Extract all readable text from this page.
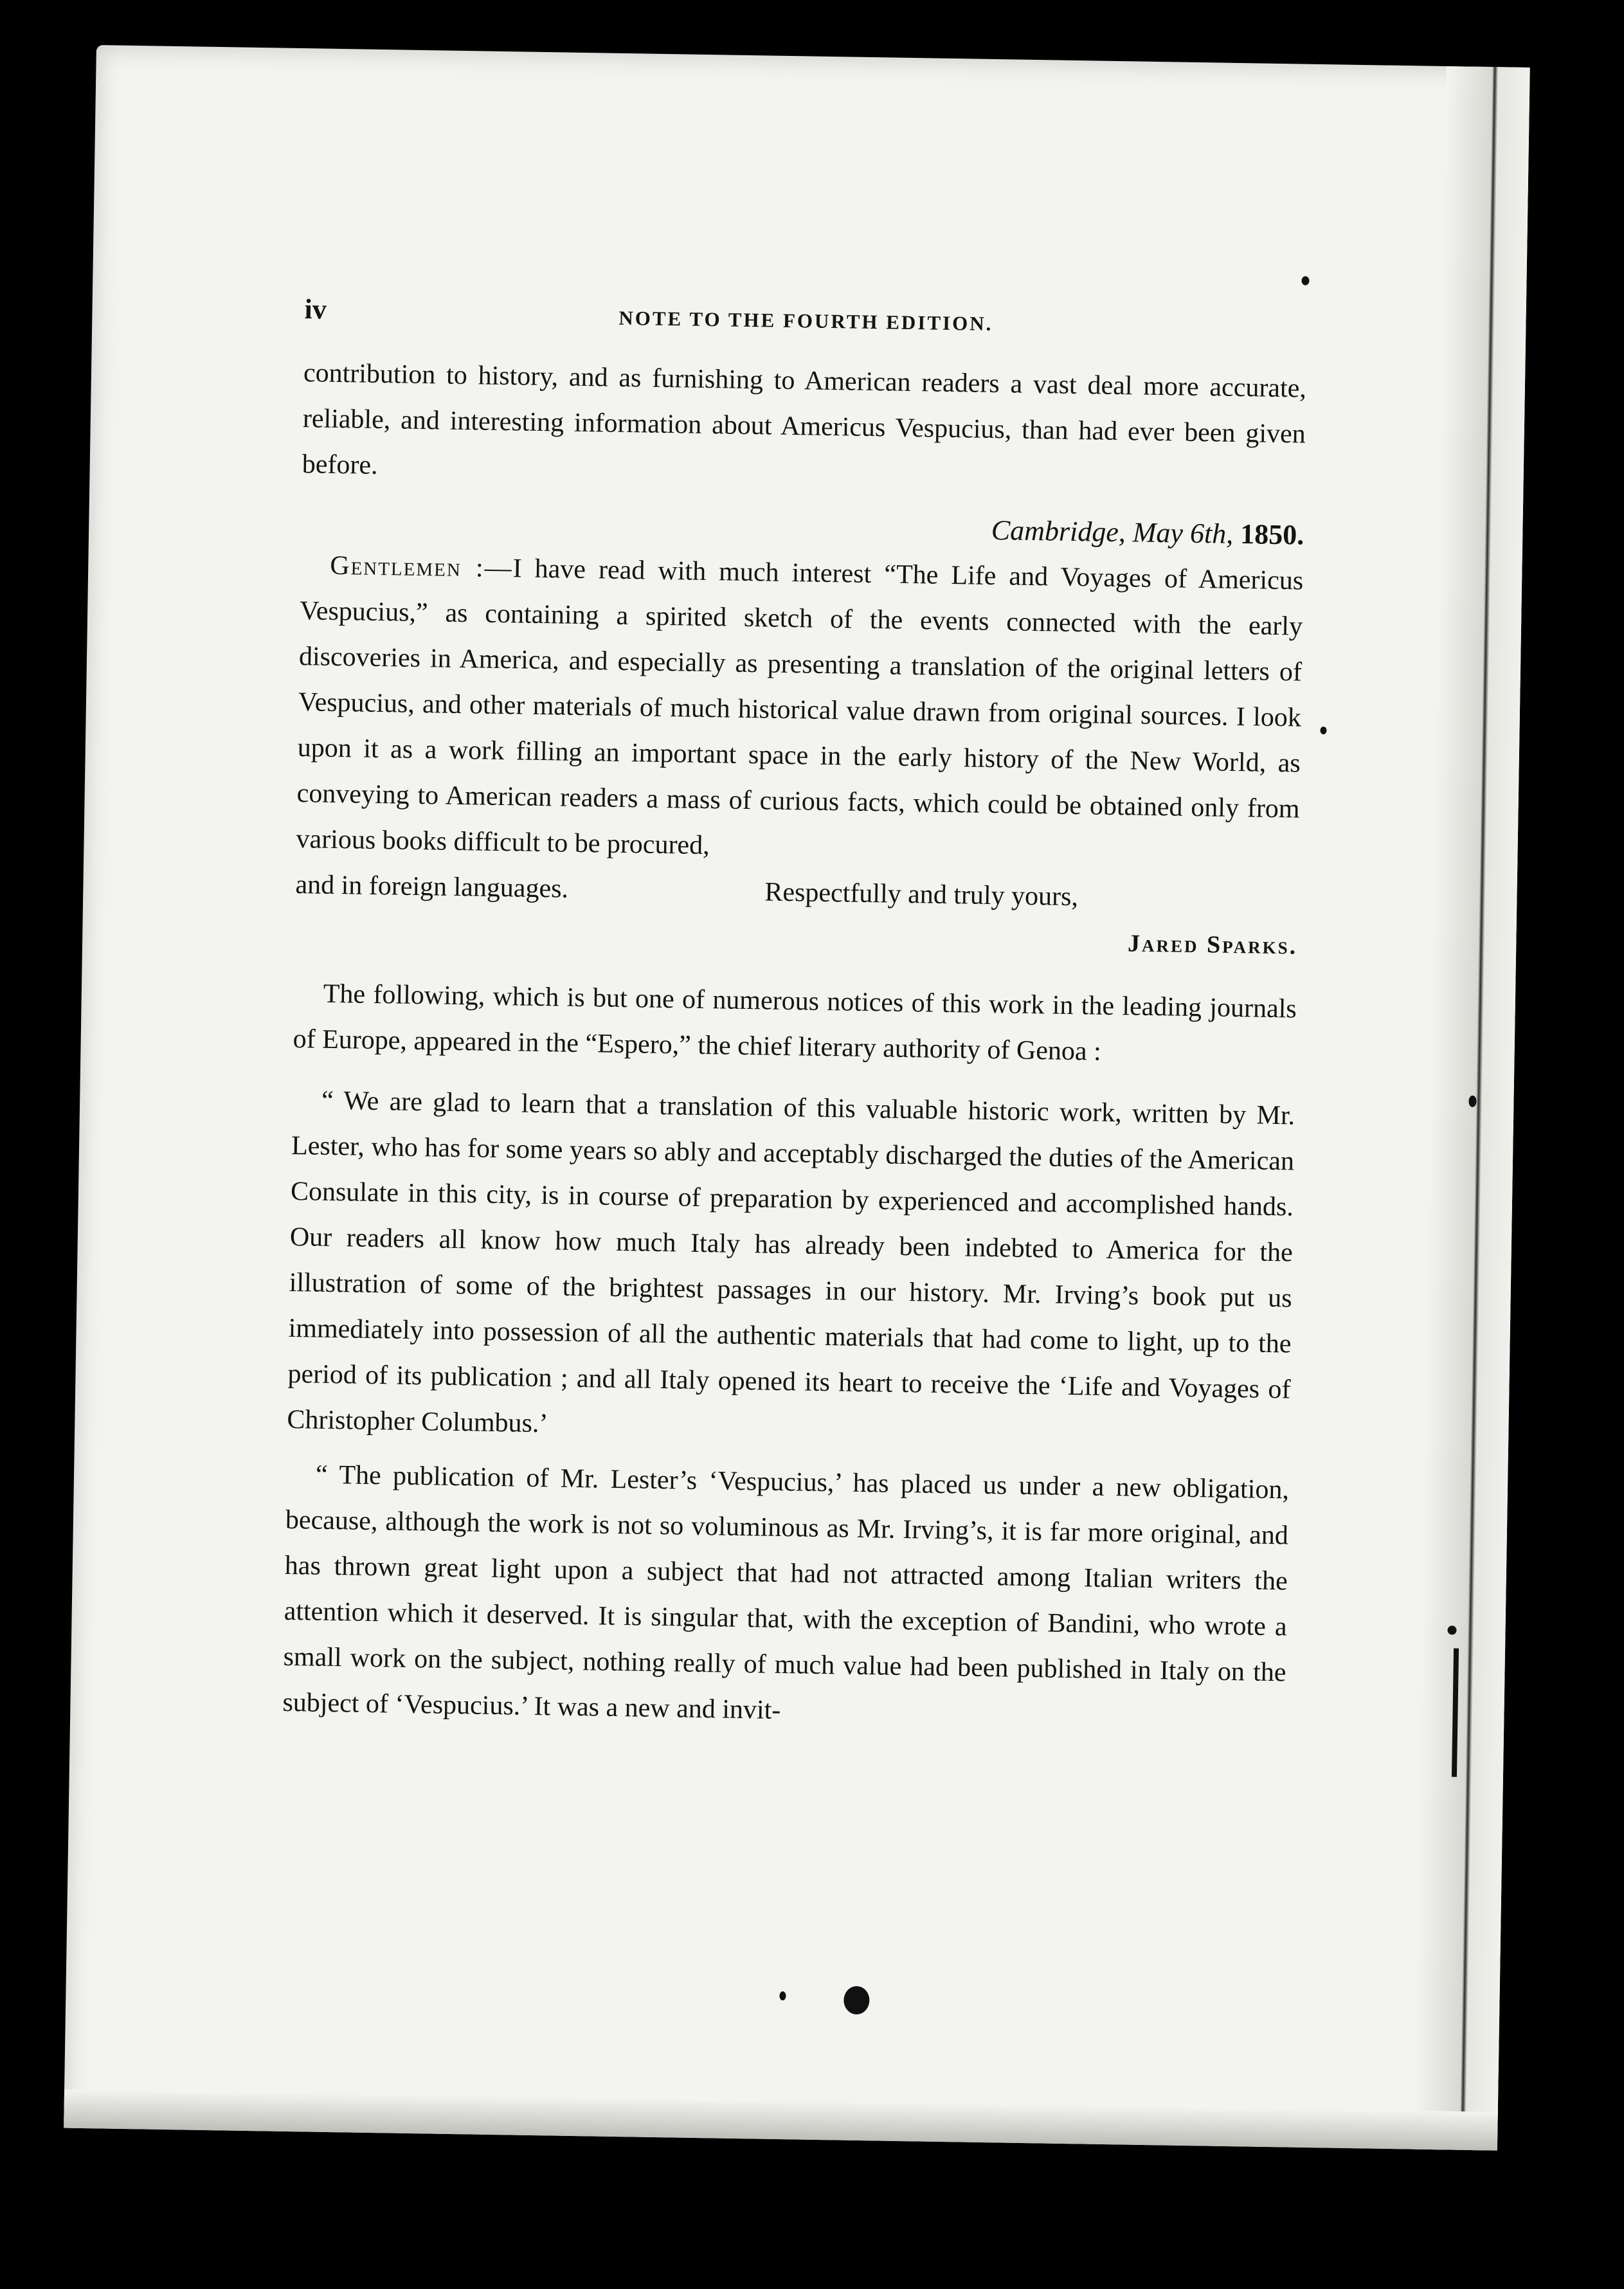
iv	NOTE TO THE FOURTH EDITION.

contribution to history, and as furnishing to American readers a vast deal more accurate, reliable, and interesting information about Americus Vespucius, than had ever been given before.

Cambridge, May 6th, 1850.

Gentlemen :—I have read with much interest “The Life and Voyages of Americus Vespucius,” as containing a spirited sketch of the events connected with the early discoveries in America, and especially as presenting a translation of the original letters of Vespucius, and other materials of much historical value drawn from original sources. I look upon it as a work filling an important space in the early history of the New World, as conveying to American readers a mass of curious facts, which could be obtained only from various books difficult to be procured,

and in foreign languages.	Respectfully and truly yours,
Jared Sparks.

The following, which is but one of numerous notices of this work in the leading journals of Europe, appeared in the “Espero,” the chief literary authority of Genoa :

“ We are glad to learn that a translation of this valuable historic work, written by Mr. Lester, who has for some years so ably and acceptably discharged the duties of the American Consulate in this city, is in course of preparation by experienced and accomplished hands. Our readers all know how much Italy has already been indebted to America for the illustration of some of the brightest passages in our history. Mr. Irving’s book put us immediately into possession of all the authentic materials that had come to light, up to the period of its publication ; and all Italy opened its heart to receive the ‘Life and Voyages of Christopher Columbus.’

“ The publication of Mr. Lester’s ‘Vespucius,’ has placed us under a new obligation, because, although the work is not so voluminous as Mr. Irving’s, it is far more original, and has thrown great light upon a subject that had not attracted among Italian writers the attention which it deserved. It is singular that, with the exception of Bandini, who wrote a small work on the subject, nothing really of much value had been published in Italy on the subject of ‘Vespucius.’ It was a new and invit-
